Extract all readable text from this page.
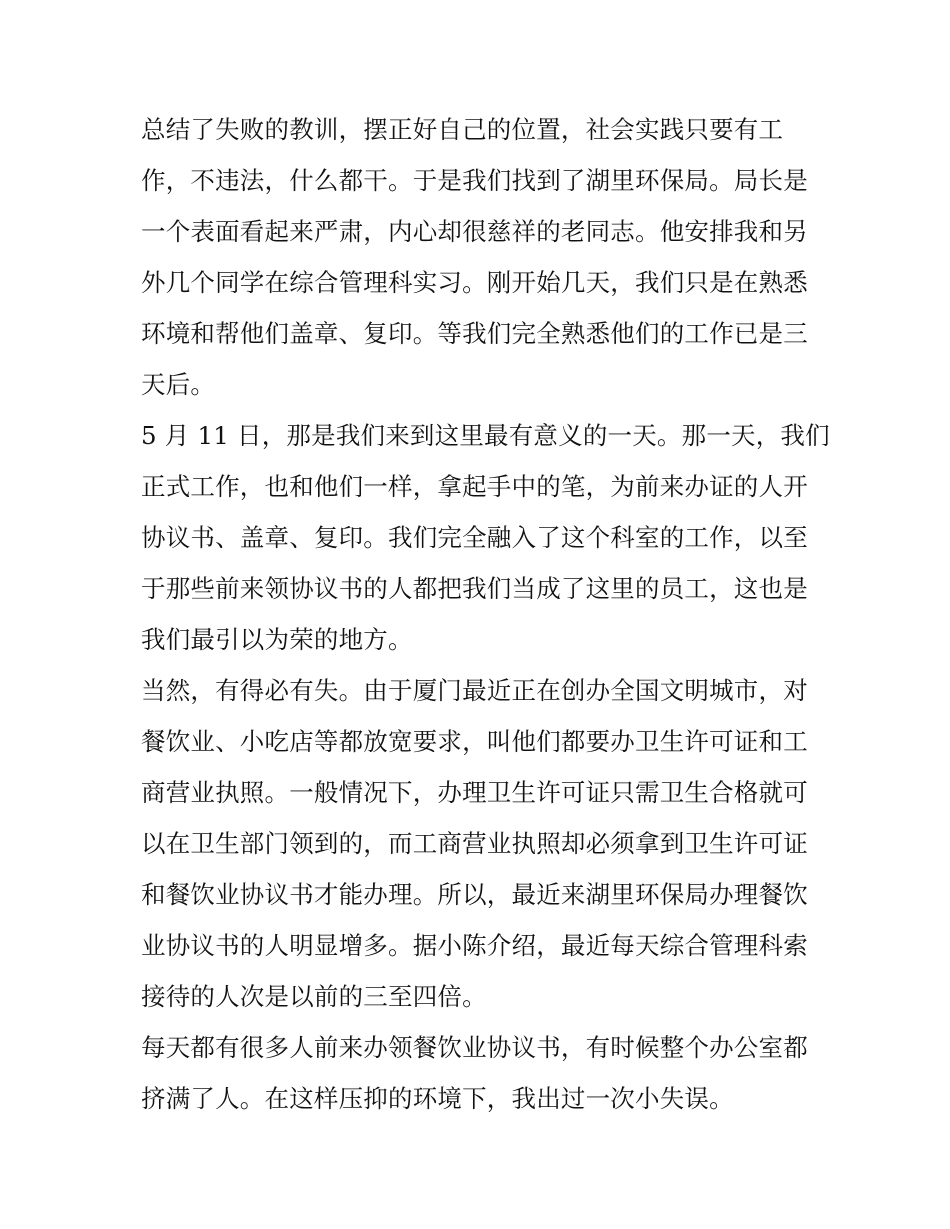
总结了失败的教训，摆正好自己的位置，社会实践只要有工
作，不违法，什么都干。于是我们找到了湖里环保局。局长是
一个表面看起来严肃，内心却很慈祥的老同志。他安排我和另
外几个同学在综合管理科实习。刚开始几天，我们只是在熟悉
环境和帮他们盖章、复印。等我们完全熟悉他们的工作已是三
天后。
5 月 11 日，那是我们来到这里最有意义的一天。那一天，我们
正式工作，也和他们一样，拿起手中的笔，为前来办证的人开
协议书、盖章、复印。我们完全融入了这个科室的工作，以至
于那些前来领协议书的人都把我们当成了这里的员工，这也是
我们最引以为荣的地方。
当然，有得必有失。由于厦门最近正在创办全国文明城市，对
餐饮业、小吃店等都放宽要求，叫他们都要办卫生许可证和工
商营业执照。一般情况下，办理卫生许可证只需卫生合格就可
以在卫生部门领到的，而工商营业执照却必须拿到卫生许可证
和餐饮业协议书才能办理。所以，最近来湖里环保局办理餐饮
业协议书的人明显增多。据小陈介绍，最近每天综合管理科索
接待的人次是以前的三至四倍。
每天都有很多人前来办领餐饮业协议书，有时候整个办公室都
挤满了人。在这样压抑的环境下，我出过一次小失误。
